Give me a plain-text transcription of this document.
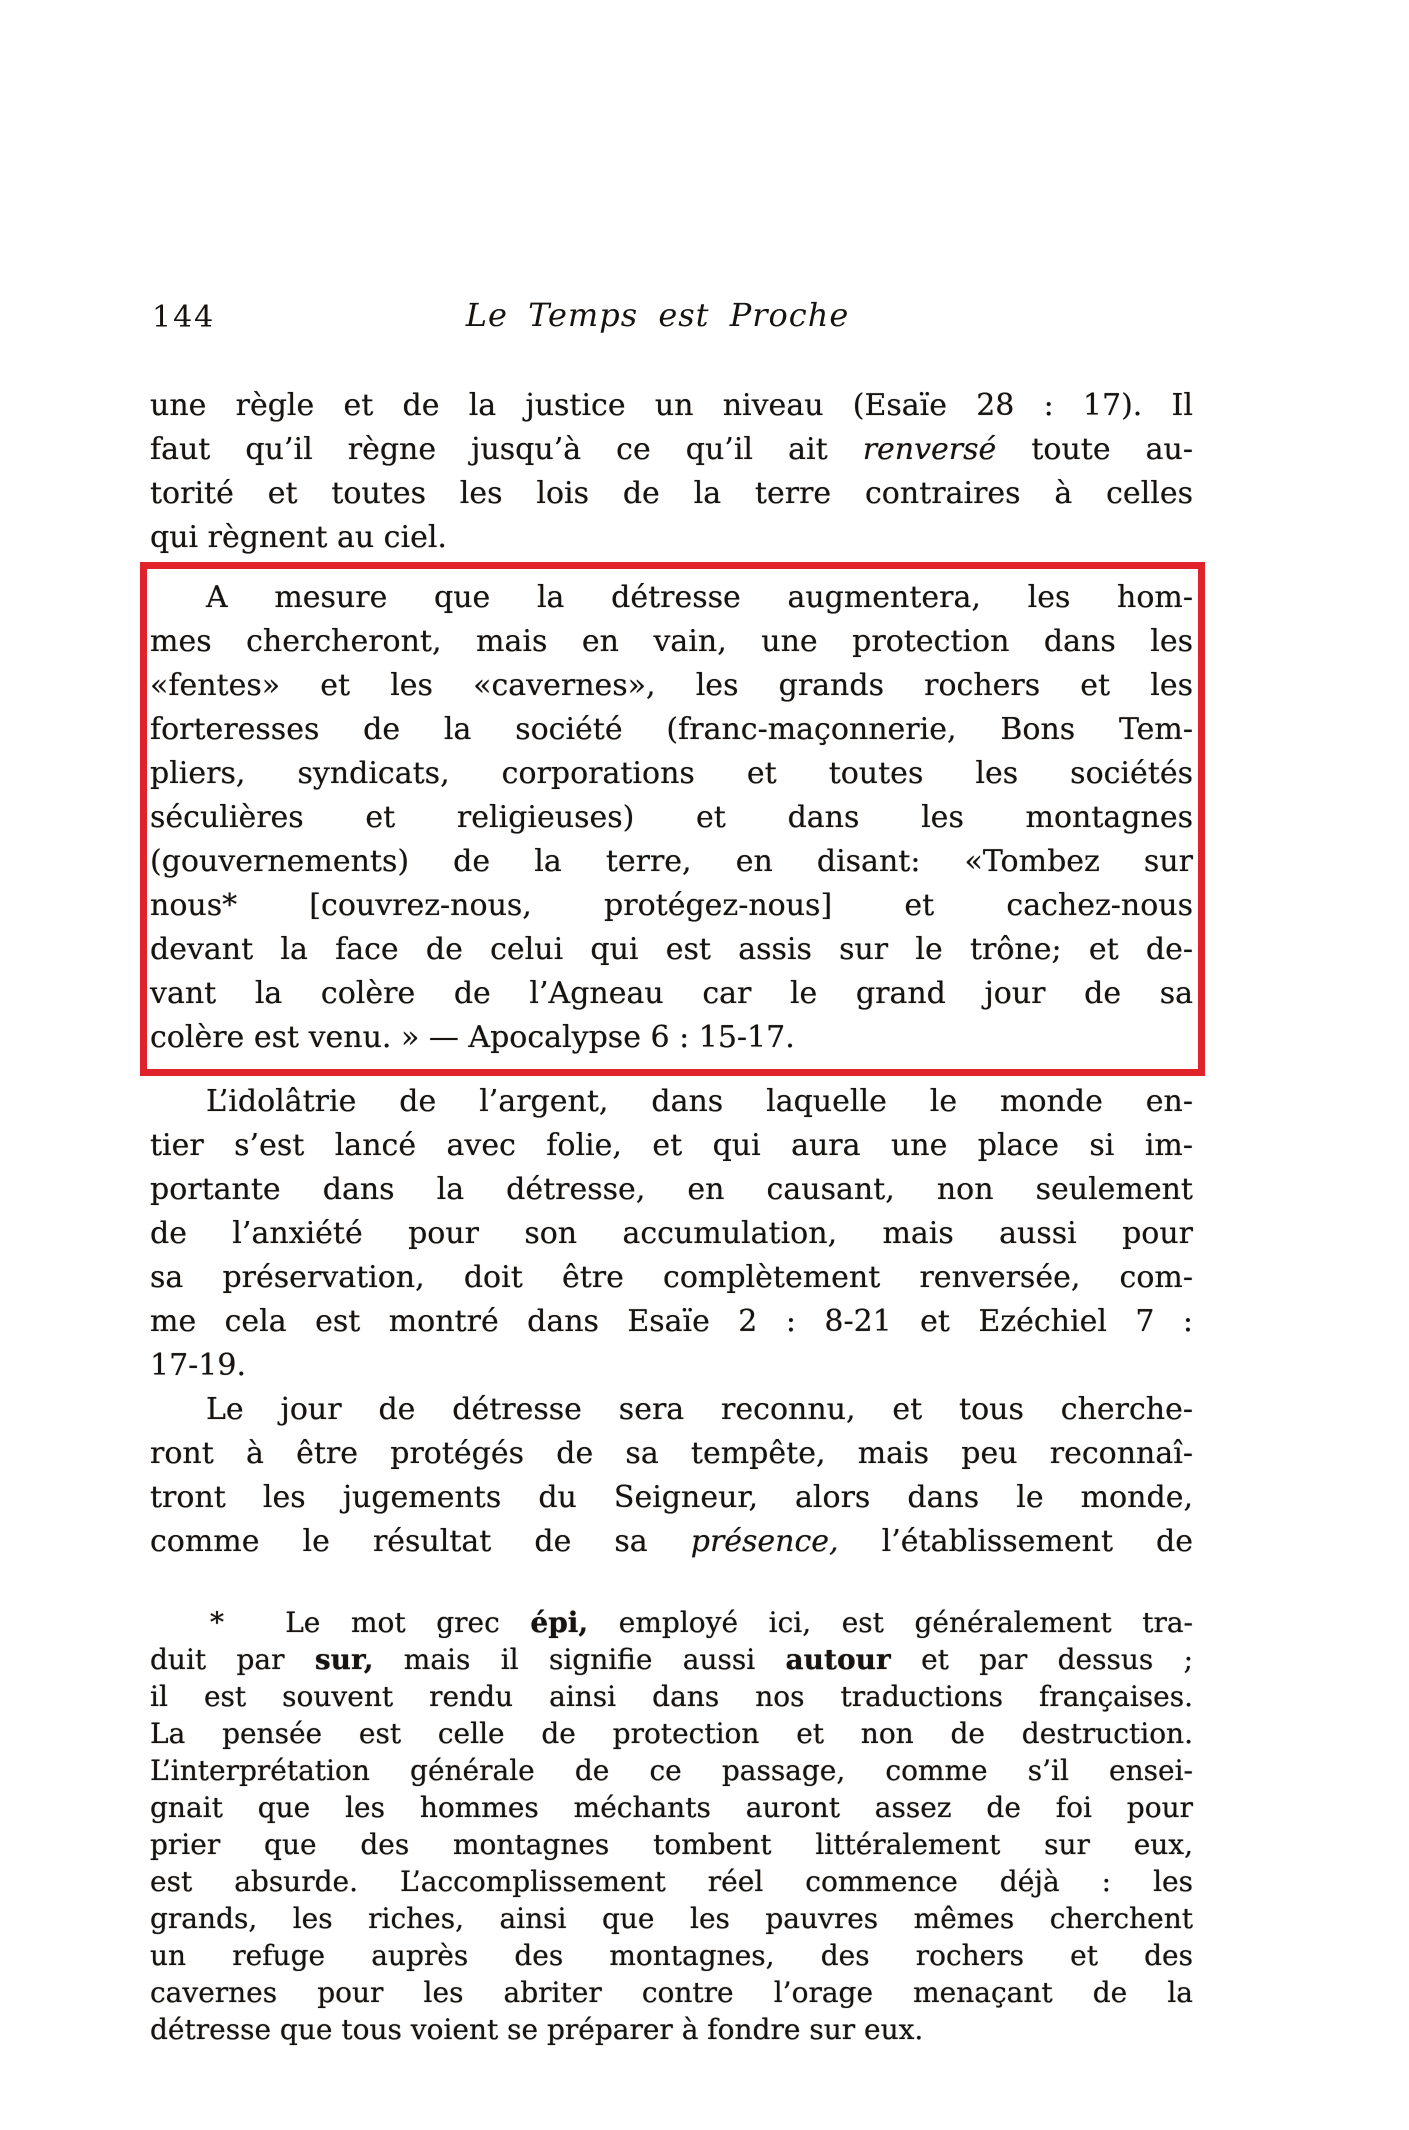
144	Le Temps est Proche
une règle et de la justice un niveau (Esaïe 28 : 17). Il
faut qu’il règne jusqu’à ce qu’il ait renversé toute au-
torité et toutes les lois de la terre contraires à celles
qui règnent au ciel.
A mesure que la détresse augmentera, les hom-
mes chercheront, mais en vain, une protection dans les
«fentes» et les «cavernes», les grands rochers et les
forteresses de la société (franc-maçonnerie, Bons Tem-
pliers, syndicats, corporations et toutes les sociétés
séculières et religieuses) et dans les montagnes
(gouvernements) de la terre, en disant: «Tombez sur
nous* [couvrez-nous, protégez-nous] et cachez-nous
devant la face de celui qui est assis sur le trône; et de-
vant la colère de l’Agneau car le grand jour de sa
colère est venu. » — Apocalypse 6 : 15-17.
L’idolâtrie de l’argent, dans laquelle le monde en-
tier s’est lancé avec folie, et qui aura une place si im-
portante dans la détresse, en causant, non seulement
de l’anxiété pour son accumulation, mais aussi pour
sa préservation, doit être complètement renversée, com-
me cela est montré dans Esaïe 2 : 8-21 et Ezéchiel 7 :
17-19.
Le jour de détresse sera reconnu, et tous cherche-
ront à être protégés de sa tempête, mais peu reconnaî-
tront les jugements du Seigneur, alors dans le monde,
comme le résultat de sa présence, l’établissement de
*  Le mot grec épi, employé ici, est généralement tra-
duit par sur, mais il signifie aussi autour et par dessus ;
il est souvent rendu ainsi dans nos traductions françaises.
La pensée est celle de protection et non de destruction.
L’interprétation générale de ce passage, comme s’il ensei-
gnait que les hommes méchants auront assez de foi pour
prier que des montagnes tombent littéralement sur eux,
est absurde. L’accomplissement réel commence déjà : les
grands, les riches, ainsi que les pauvres mêmes cherchent
un refuge auprès des montagnes, des rochers et des
cavernes pour les abriter contre l’orage menaçant de la
détresse que tous voient se préparer à fondre sur eux.
